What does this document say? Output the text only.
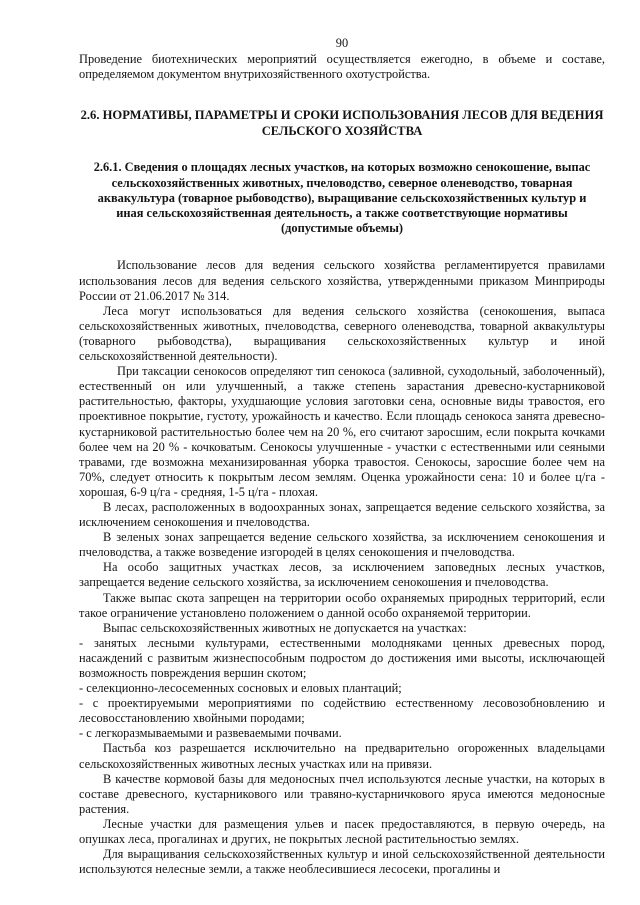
90

Проведение биотехнических мероприятий осуществляется ежегодно, в объеме и составе, определяемом документом внутрихозяйственного охотустройства.

2.6. НОРМАТИВЫ, ПАРАМЕТРЫ И СРОКИ ИСПОЛЬЗОВАНИЯ ЛЕСОВ ДЛЯ ВЕДЕНИЯ СЕЛЬСКОГО ХОЗЯЙСТВА
2.6.1. Сведения о площадях лесных участков, на которых возможно сенокошение, выпас сельскохозяйственных животных, пчеловодство, северное оленеводство, товарная аквакультура (товарное рыбоводство), выращивание сельскохозяйственных культур и иная сельскохозяйственная деятельность, а также соответствующие нормативы (допустимые объемы)

Использование лесов для ведения сельского хозяйства регламентируется правилами использования лесов для ведения сельского хозяйства, утвержденными приказом Минприроды России от 21.06.2017 № 314.

Леса могут использоваться для ведения сельского хозяйства (сенокошения, выпаса сельскохозяйственных животных, пчеловодства, северного оленеводства, товарной аквакультуры (товарного рыбоводства), выращивания сельскохозяйственных культур и иной сельскохозяйственной деятельности).

При таксации сенокосов определяют тип сенокоса (заливной, суходольный, заболоченный), естественный он или улучшенный, а также степень зарастания древесно-кустарниковой растительностью, факторы, ухудшающие условия заготовки сена, основные виды травостоя, его проективное покрытие, густоту, урожайность и качество. Если площадь сенокоса занята древесно-кустарниковой растительностью более чем на 20 %, его считают заросшим, если покрыта кочками более чем на 20 % - кочковатым. Сенокосы улучшенные - участки с естественными или сеяными травами, где возможна механизированная уборка травостоя. Сенокосы, заросшие более чем на 70%, следует относить к покрытым лесом землям. Оценка урожайности сена: 10 и более ц/га - хорошая, 6-9 ц/га - средняя, 1-5 ц/га - плохая.

В лесах, расположенных в водоохранных зонах, запрещается ведение сельского хозяйства, за исключением сенокошения и пчеловодства.

В зеленых зонах запрещается ведение сельского хозяйства, за исключением сенокошения и пчеловодства, а также возведение изгородей в целях сенокошения и пчеловодства.

На особо защитных участках лесов, за исключением заповедных лесных участков, запрещается ведение сельского хозяйства, за исключением сенокошения и пчеловодства.

Также выпас скота запрещен на территории особо охраняемых природных территорий, если такое ограничение установлено положением о данной особо охраняемой территории.

Выпас сельскохозяйственных животных не допускается на участках:

- занятых лесными культурами, естественными молодняками ценных древесных пород, насаждений с развитым жизнеспособным подростом до достижения ими высоты, исключающей возможность повреждения вершин скотом;

- селекционно-лесосеменных сосновых и еловых плантаций;

- с проектируемыми мероприятиями по содействию естественному лесовозобновлению и лесовосстановлению хвойными породами;

- с легкоразмываемыми и развеваемыми почвами.

Пастьба коз разрешается исключительно на предварительно огороженных владельцами сельскохозяйственных животных лесных участках или на привязи.

В качестве кормовой базы для медоносных пчел используются лесные участки, на которых в составе древесного, кустарникового или травяно-кустарничкового яруса имеются медоносные растения.

Лесные участки для размещения ульев и пасек предоставляются, в первую очередь, на опушках леса, прогалинах и других, не покрытых лесной растительностью землях.

Для выращивания сельскохозяйственных культур и иной сельскохозяйственной деятельности используются нелесные земли, а также необлесившиеся лесосеки, прогалины и
